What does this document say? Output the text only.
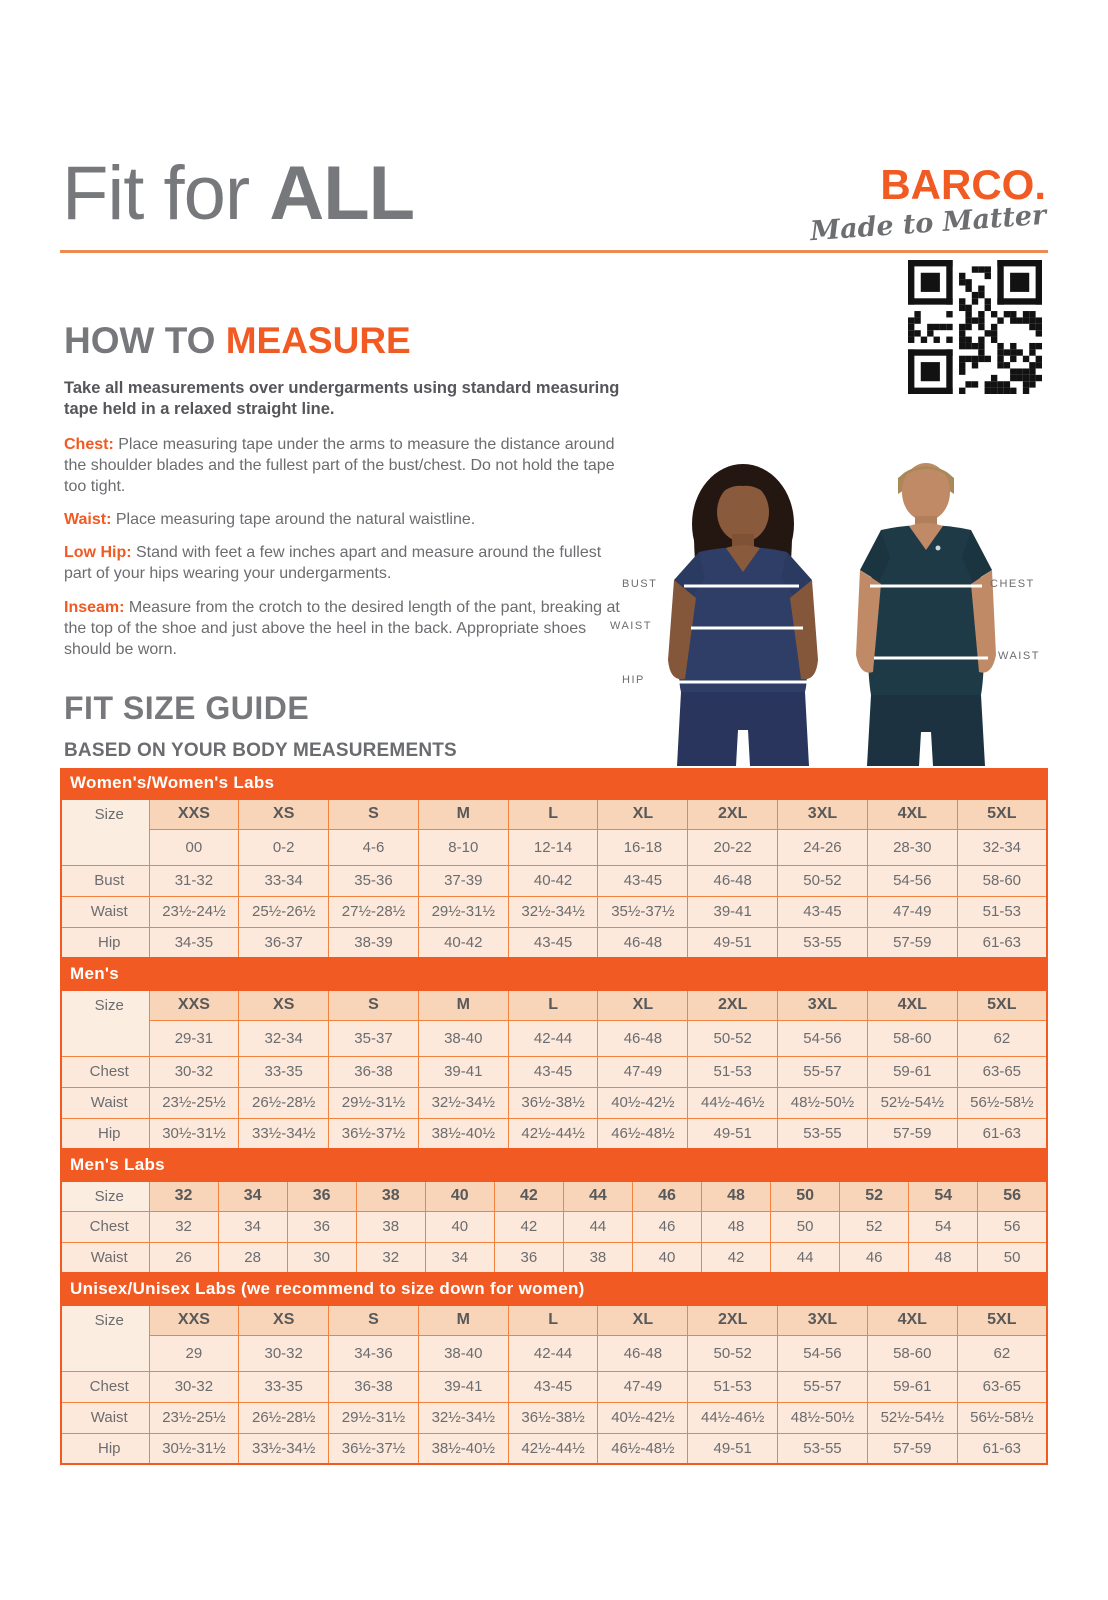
Fit for ALL	BARCO.
Made to Matter
HOW TO MEASURE

Take all measurements over undergarments using standard measuring tape held in a relaxed straight line.

Chest: Place measuring tape under the arms to measure the distance around the shoulder blades and the fullest part of the bust/chest. Do not hold the tape too tight.

Waist: Place measuring tape around the natural waistline.

Low Hip: Stand with feet a few inches apart and measure around the fullest part of your hips wearing your undergarments.

Inseam: Measure from the crotch to the desired length of the pant, breaking at the top of the shoe and just above the heel in the back. Appropriate shoes should be worn.

BUST
WAIST
HIP
CHEST
WAIST
FIT SIZE GUIDE
BASED ON YOUR BODY MEASUREMENTS
Women's/Women's Labs
Size	XXS	XS	S	M	L	XL	2XL	3XL	4XL	5XL
	00	0-2	4-6	8-10	12-14	16-18	20-22	24-26	28-30	32-34
Bust	31-32	33-34	35-36	37-39	40-42	43-45	46-48	50-52	54-56	58-60
Waist	23½-24½	25½-26½	27½-28½	29½-31½	32½-34½	35½-37½	39-41	43-45	47-49	51-53
Hip	34-35	36-37	38-39	40-42	43-45	46-48	49-51	53-55	57-59	61-63
Men's
Size	XXS	XS	S	M	L	XL	2XL	3XL	4XL	5XL
	29-31	32-34	35-37	38-40	42-44	46-48	50-52	54-56	58-60	62
Chest	30-32	33-35	36-38	39-41	43-45	47-49	51-53	55-57	59-61	63-65
Waist	23½-25½	26½-28½	29½-31½	32½-34½	36½-38½	40½-42½	44½-46½	48½-50½	52½-54½	56½-58½
Hip	30½-31½	33½-34½	36½-37½	38½-40½	42½-44½	46½-48½	49-51	53-55	57-59	61-63
Men's Labs
Size	32	34	36	38	40	42	44	46	48	50	52	54	56
Chest	32	34	36	38	40	42	44	46	48	50	52	54	56
Waist	26	28	30	32	34	36	38	40	42	44	46	48	50
Unisex/Unisex Labs (we recommend to size down for women)
Size	XXS	XS	S	M	L	XL	2XL	3XL	4XL	5XL
	29	30-32	34-36	38-40	42-44	46-48	50-52	54-56	58-60	62
Chest	30-32	33-35	36-38	39-41	43-45	47-49	51-53	55-57	59-61	63-65
Waist	23½-25½	26½-28½	29½-31½	32½-34½	36½-38½	40½-42½	44½-46½	48½-50½	52½-54½	56½-58½
Hip	30½-31½	33½-34½	36½-37½	38½-40½	42½-44½	46½-48½	49-51	53-55	57-59	61-63
